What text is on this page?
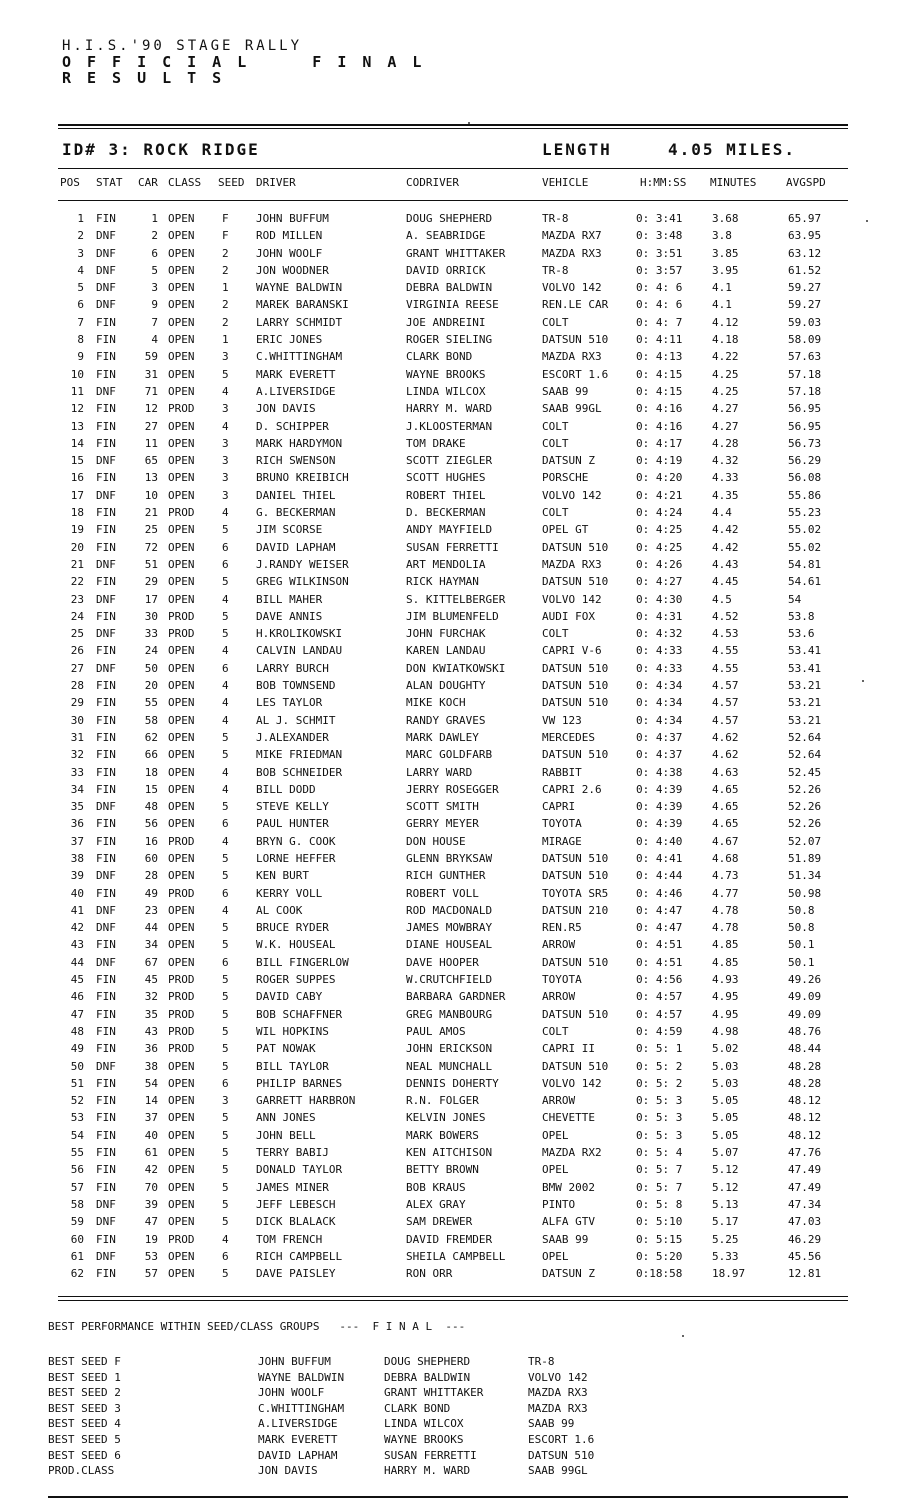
H.I.S.'90 STAGE RALLY
OFFICIAL  FINAL
RESULTS
ID# 3: ROCK RIDGE	LENGTH	4.05 MILES.
POS STAT CAR CLASS SEED DRIVER	CODRIVER	VEHICLE	H:MM:SS MINUTES	AVGSPD
1 FIN	1 OPEN	F JOHN BUFFUM	DOUG SHEPHERD	TR-8	0: 3:41	3.68	65.97
2 DNF	2 OPEN	F ROD MILLEN	A. SEABRIDGE	MAZDA RX7	0: 3:48	3.8	63.95
3 DNF	6 OPEN	2 JOHN WOOLF	GRANT WHITTAKER	MAZDA RX3	0: 3:51	3.85	63.12
4 DNF	5 OPEN	2 JON WOODNER	DAVID ORRICK	TR-8	0: 3:57	3.95	61.52
5 DNF	3 OPEN	1 WAYNE BALDWIN	DEBRA BALDWIN	VOLVO 142	0: 4: 6	4.1	59.27
6 DNF	9 OPEN	2 MAREK BARANSKI	VIRGINIA REESE	REN.LE CAR	0: 4: 6	4.1	59.27
7 FIN	7 OPEN	2 LARRY SCHMIDT	JOE ANDREINI	COLT	0: 4: 7	4.12	59.03
8 FIN	4 OPEN	1 ERIC JONES	ROGER SIELING	DATSUN 510	0: 4:11	4.18	58.09
9 FIN	59 OPEN	3 C.WHITTINGHAM	CLARK BOND	MAZDA RX3	0: 4:13	4.22	57.63
10 FIN	31 OPEN	5 MARK EVERETT	WAYNE BROOKS	ESCORT 1.6	0: 4:15	4.25	57.18
11 DNF	71 OPEN	4 A.LIVERSIDGE	LINDA WILCOX	SAAB 99	0: 4:15	4.25	57.18
12 FIN	12 PROD	3 JON DAVIS	HARRY M. WARD	SAAB 99GL	0: 4:16	4.27	56.95
13 FIN	27 OPEN	4 D. SCHIPPER	J.KLOOSTERMAN	COLT	0: 4:16	4.27	56.95
14 FIN	11 OPEN	3 MARK HARDYMON	TOM DRAKE	COLT	0: 4:17	4.28	56.73
15 DNF	65 OPEN	3 RICH SWENSON	SCOTT ZIEGLER	DATSUN Z	0: 4:19	4.32	56.29
16 FIN	13 OPEN	3 BRUNO KREIBICH	SCOTT HUGHES	PORSCHE	0: 4:20	4.33	56.08
17 DNF	10 OPEN	3 DANIEL THIEL	ROBERT THIEL	VOLVO 142	0: 4:21	4.35	55.86
18 FIN	21 PROD	4 G. BECKERMAN	D. BECKERMAN	COLT	0: 4:24	4.4	55.23
19 FIN	25 OPEN	5 JIM SCORSE	ANDY MAYFIELD	OPEL GT	0: 4:25	4.42	55.02
20 FIN	72 OPEN	6 DAVID LAPHAM	SUSAN FERRETTI	DATSUN 510	0: 4:25	4.42	55.02
21 DNF	51 OPEN	6 J.RANDY WEISER	ART MENDOLIA	MAZDA RX3	0: 4:26	4.43	54.81
22 FIN	29 OPEN	5 GREG WILKINSON	RICK HAYMAN	DATSUN 510	0: 4:27	4.45	54.61
23 DNF	17 OPEN	4 BILL MAHER	S. KITTELBERGER	VOLVO 142	0: 4:30	4.5	54
24 FIN	30 PROD	5 DAVE ANNIS	JIM BLUMENFELD	AUDI FOX	0: 4:31	4.52	53.8
25 DNF	33 PROD	5 H.KROLIKOWSKI	JOHN FURCHAK	COLT	0: 4:32	4.53	53.6
26 FIN	24 OPEN	4 CALVIN LANDAU	KAREN LANDAU	CAPRI V-6	0: 4:33	4.55	53.41
27 DNF	50 OPEN	6 LARRY BURCH	DON KWIATKOWSKI	DATSUN 510	0: 4:33	4.55	53.41
28 FIN	20 OPEN	4 BOB TOWNSEND	ALAN DOUGHTY	DATSUN 510	0: 4:34	4.57	53.21
29 FIN	55 OPEN	4 LES TAYLOR	MIKE KOCH	DATSUN 510	0: 4:34	4.57	53.21
30 FIN	58 OPEN	4 AL J. SCHMIT	RANDY GRAVES	VW 123	0: 4:34	4.57	53.21
31 FIN	62 OPEN	5 J.ALEXANDER	MARK DAWLEY	MERCEDES	0: 4:37	4.62	52.64
32 FIN	66 OPEN	5 MIKE FRIEDMAN	MARC GOLDFARB	DATSUN 510	0: 4:37	4.62	52.64
33 FIN	18 OPEN	4 BOB SCHNEIDER	LARRY WARD	RABBIT	0: 4:38	4.63	52.45
34 FIN	15 OPEN	4 BILL DODD	JERRY ROSEGGER	CAPRI 2.6	0: 4:39	4.65	52.26
35 DNF	48 OPEN	5 STEVE KELLY	SCOTT SMITH	CAPRI	0: 4:39	4.65	52.26
36 FIN	56 OPEN	6 PAUL HUNTER	GERRY MEYER	TOYOTA	0: 4:39	4.65	52.26
37 FIN	16 PROD	4 BRYN G. COOK	DON HOUSE	MIRAGE	0: 4:40	4.67	52.07
38 FIN	60 OPEN	5 LORNE HEFFER	GLENN BRYKSAW	DATSUN 510	0: 4:41	4.68	51.89
39 DNF	28 OPEN	5 KEN BURT	RICH GUNTHER	DATSUN 510	0: 4:44	4.73	51.34
40 FIN	49 PROD	6 KERRY VOLL	ROBERT VOLL	TOYOTA SR5	0: 4:46	4.77	50.98
41 DNF	23 OPEN	4 AL COOK	ROD MACDONALD	DATSUN 210	0: 4:47	4.78	50.8
42 DNF	44 OPEN	5 BRUCE RYDER	JAMES MOWBRAY	REN.R5	0: 4:47	4.78	50.8
43 FIN	34 OPEN	5 W.K. HOUSEAL	DIANE HOUSEAL	ARROW	0: 4:51	4.85	50.1
44 DNF	67 OPEN	6 BILL FINGERLOW	DAVE HOOPER	DATSUN 510	0: 4:51	4.85	50.1
45 FIN	45 PROD	5 ROGER SUPPES	W.CRUTCHFIELD	TOYOTA	0: 4:56	4.93	49.26
46 FIN	32 PROD	5 DAVID CABY	BARBARA GARDNER	ARROW	0: 4:57	4.95	49.09
47 FIN	35 PROD	5 BOB SCHAFFNER	GREG MANBOURG	DATSUN 510	0: 4:57	4.95	49.09
48 FIN	43 PROD	5 WIL HOPKINS	PAUL AMOS	COLT	0: 4:59	4.98	48.76
49 FIN	36 PROD	5 PAT NOWAK	JOHN ERICKSON	CAPRI II	0: 5: 1	5.02	48.44
50 DNF	38 OPEN	5 BILL TAYLOR	NEAL MUNCHALL	DATSUN 510	0: 5: 2	5.03	48.28
51 FIN	54 OPEN	6 PHILIP BARNES	DENNIS DOHERTY	VOLVO 142	0: 5: 2	5.03	48.28
52 FIN	14 OPEN	3 GARRETT HARBRON	R.N. FOLGER	ARROW	0: 5: 3	5.05	48.12
53 FIN	37 OPEN	5 ANN JONES	KELVIN JONES	CHEVETTE	0: 5: 3	5.05	48.12
54 FIN	40 OPEN	5 JOHN BELL	MARK BOWERS	OPEL	0: 5: 3	5.05	48.12
55 FIN	61 OPEN	5 TERRY BABIJ	KEN AITCHISON	MAZDA RX2	0: 5: 4	5.07	47.76
56 FIN	42 OPEN	5 DONALD TAYLOR	BETTY BROWN	OPEL	0: 5: 7	5.12	47.49
57 FIN	70 OPEN	5 JAMES MINER	BOB KRAUS	BMW 2002	0: 5: 7	5.12	47.49
58 DNF	39 OPEN	5 JEFF LEBESCH	ALEX GRAY	PINTO	0: 5: 8	5.13	47.34
59 DNF	47 OPEN	5 DICK BLALACK	SAM DREWER	ALFA GTV	0: 5:10	5.17	47.03
60 FIN	19 PROD	4 TOM FRENCH	DAVID FREMDER	SAAB 99	0: 5:15	5.25	46.29
61 DNF	53 OPEN	6 RICH CAMPBELL	SHEILA CAMPBELL	OPEL	0: 5:20	5.33	45.56
62 FIN	57 OPEN	5 DAVE PAISLEY	RON ORR	DATSUN Z	0:18:58	18.97	12.81
BEST PERFORMANCE WITHIN SEED/CLASS GROUPS   ---  F I N A L  ---
BEST SEED F	JOHN BUFFUM	DOUG SHEPHERD	TR-8
BEST SEED 1	WAYNE BALDWIN	DEBRA BALDWIN	VOLVO 142
BEST SEED 2	JOHN WOOLF	GRANT WHITTAKER	MAZDA RX3
BEST SEED 3	C.WHITTINGHAM	CLARK BOND	MAZDA RX3
BEST SEED 4	A.LIVERSIDGE	LINDA WILCOX	SAAB 99
BEST SEED 5	MARK EVERETT	WAYNE BROOKS	ESCORT 1.6
BEST SEED 6	DAVID LAPHAM	SUSAN FERRETTI	DATSUN 510
PROD.CLASS	JON DAVIS	HARRY M. WARD	SAAB 99GL
